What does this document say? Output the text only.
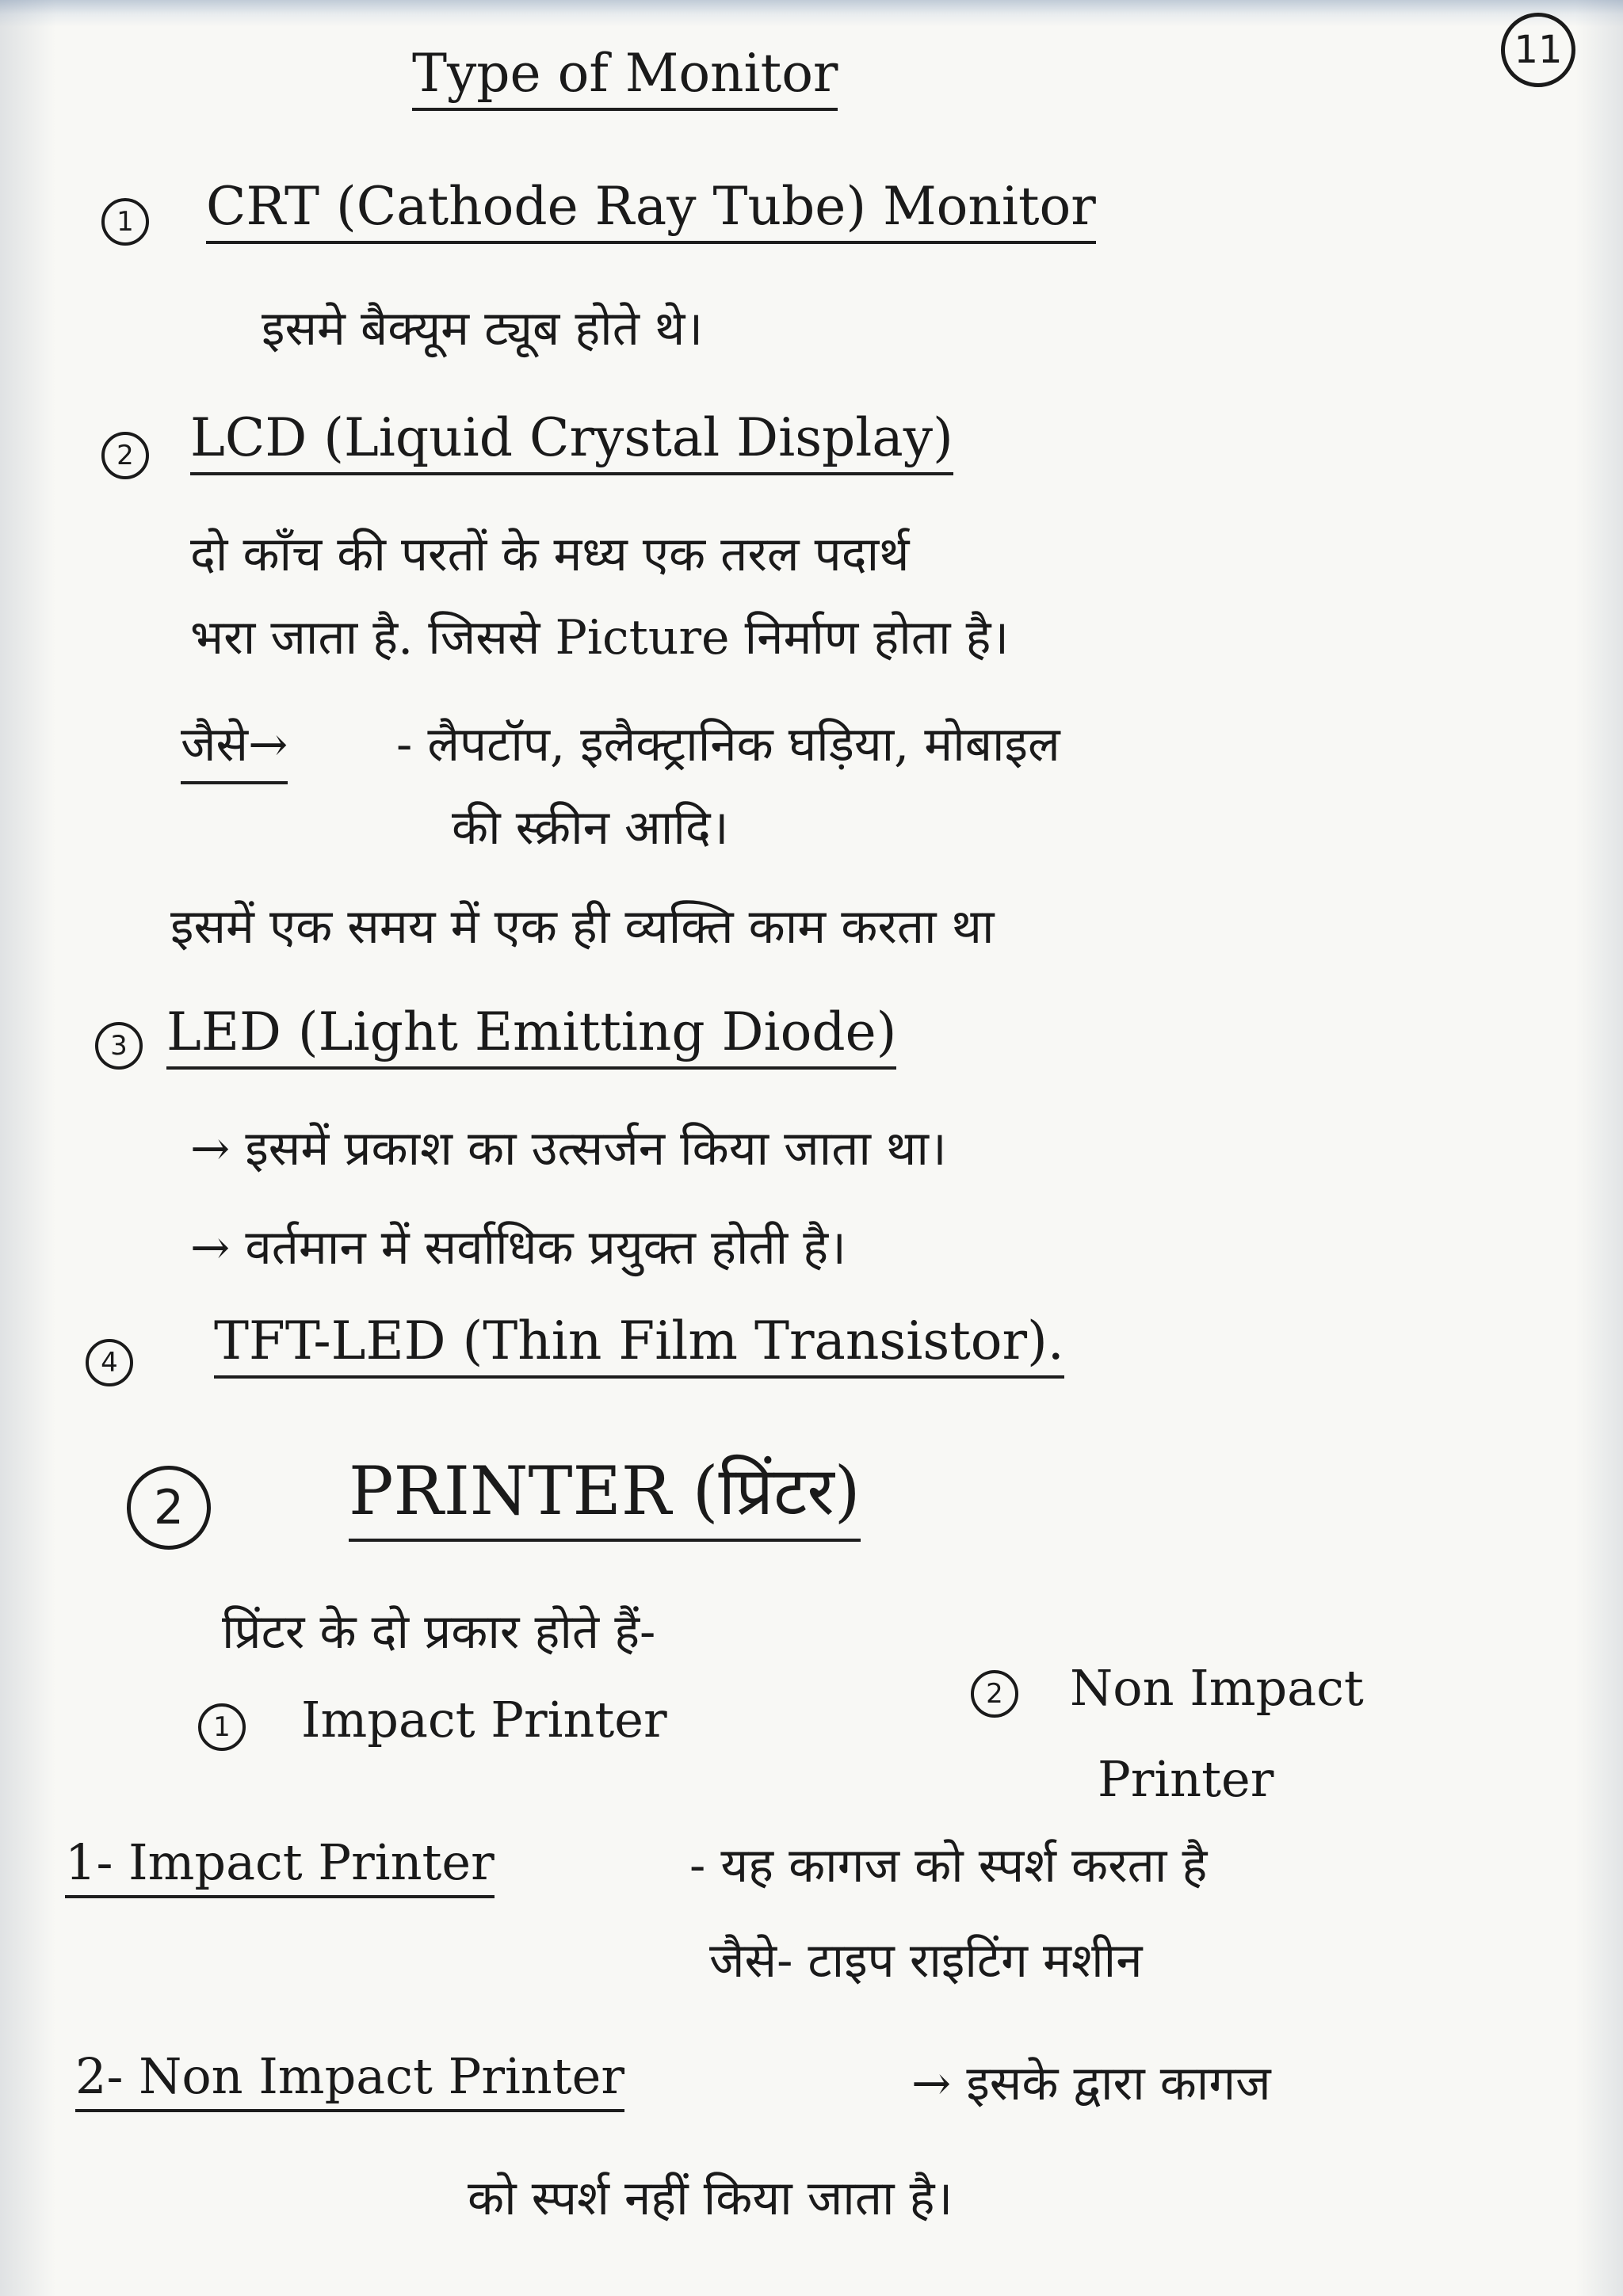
11
Type of Monitor
1 CRT (Cathode Ray Tube) Monitor
इसमे बैक्यूम ट्यूब होते थे।
2 LCD (Liquid Crystal Display)
दो काँच की परतों के मध्य एक तरल पदार्थ
भरा जाता है. जिससे Picture निर्माण होता है।
जैसे→ - लैपटॉप, इलैक्ट्रानिक घड़िया, मोबाइल
की स्क्रीन आदि।
इसमें एक समय में एक ही व्यक्ति काम करता था
3 LED (Light Emitting Diode)
→ इसमें प्रकाश का उत्सर्जन किया जाता था।
→ वर्तमान में सर्वाधिक प्रयुक्त होती है।
4 TFT-LED (Thin Film Transistor).
2	PRINTER (प्रिंटर)
प्रिंटर के दो प्रकार होते हैं-
1	Impact Printer	2	Non Impact
Printer
1- Impact Printer	- यह कागज को स्पर्श करता है
जैसे- टाइप राइटिंग मशीन
2- Non Impact Printer	→ इसके द्वारा कागज
को स्पर्श नहीं किया जाता है।
